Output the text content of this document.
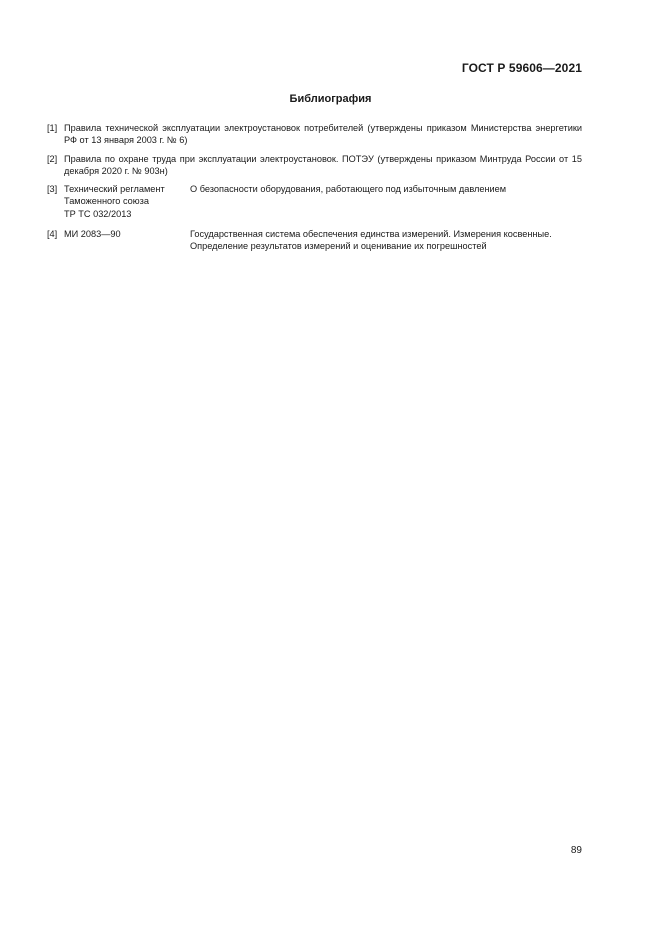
ГОСТ Р 59606—2021
Библиография
[1] Правила технической эксплуатации электроустановок потребителей (утверждены приказом Министерства энергетики РФ от 13 января 2003 г. № 6)
[2] Правила по охране труда при эксплуатации электроустановок. ПОТЭУ (утверждены приказом Минтруда России от 15 декабря 2020 г. № 903н)
[3] Технический регламент
Таможенного союза
ТР ТС 032/2013
О безопасности оборудования, работающего под избыточным давлением
[4] МИ 2083—90	Государственная система обеспечения единства измерений. Измерения косвенные. Определение результатов измерений и оценивание их погрешностей
89
